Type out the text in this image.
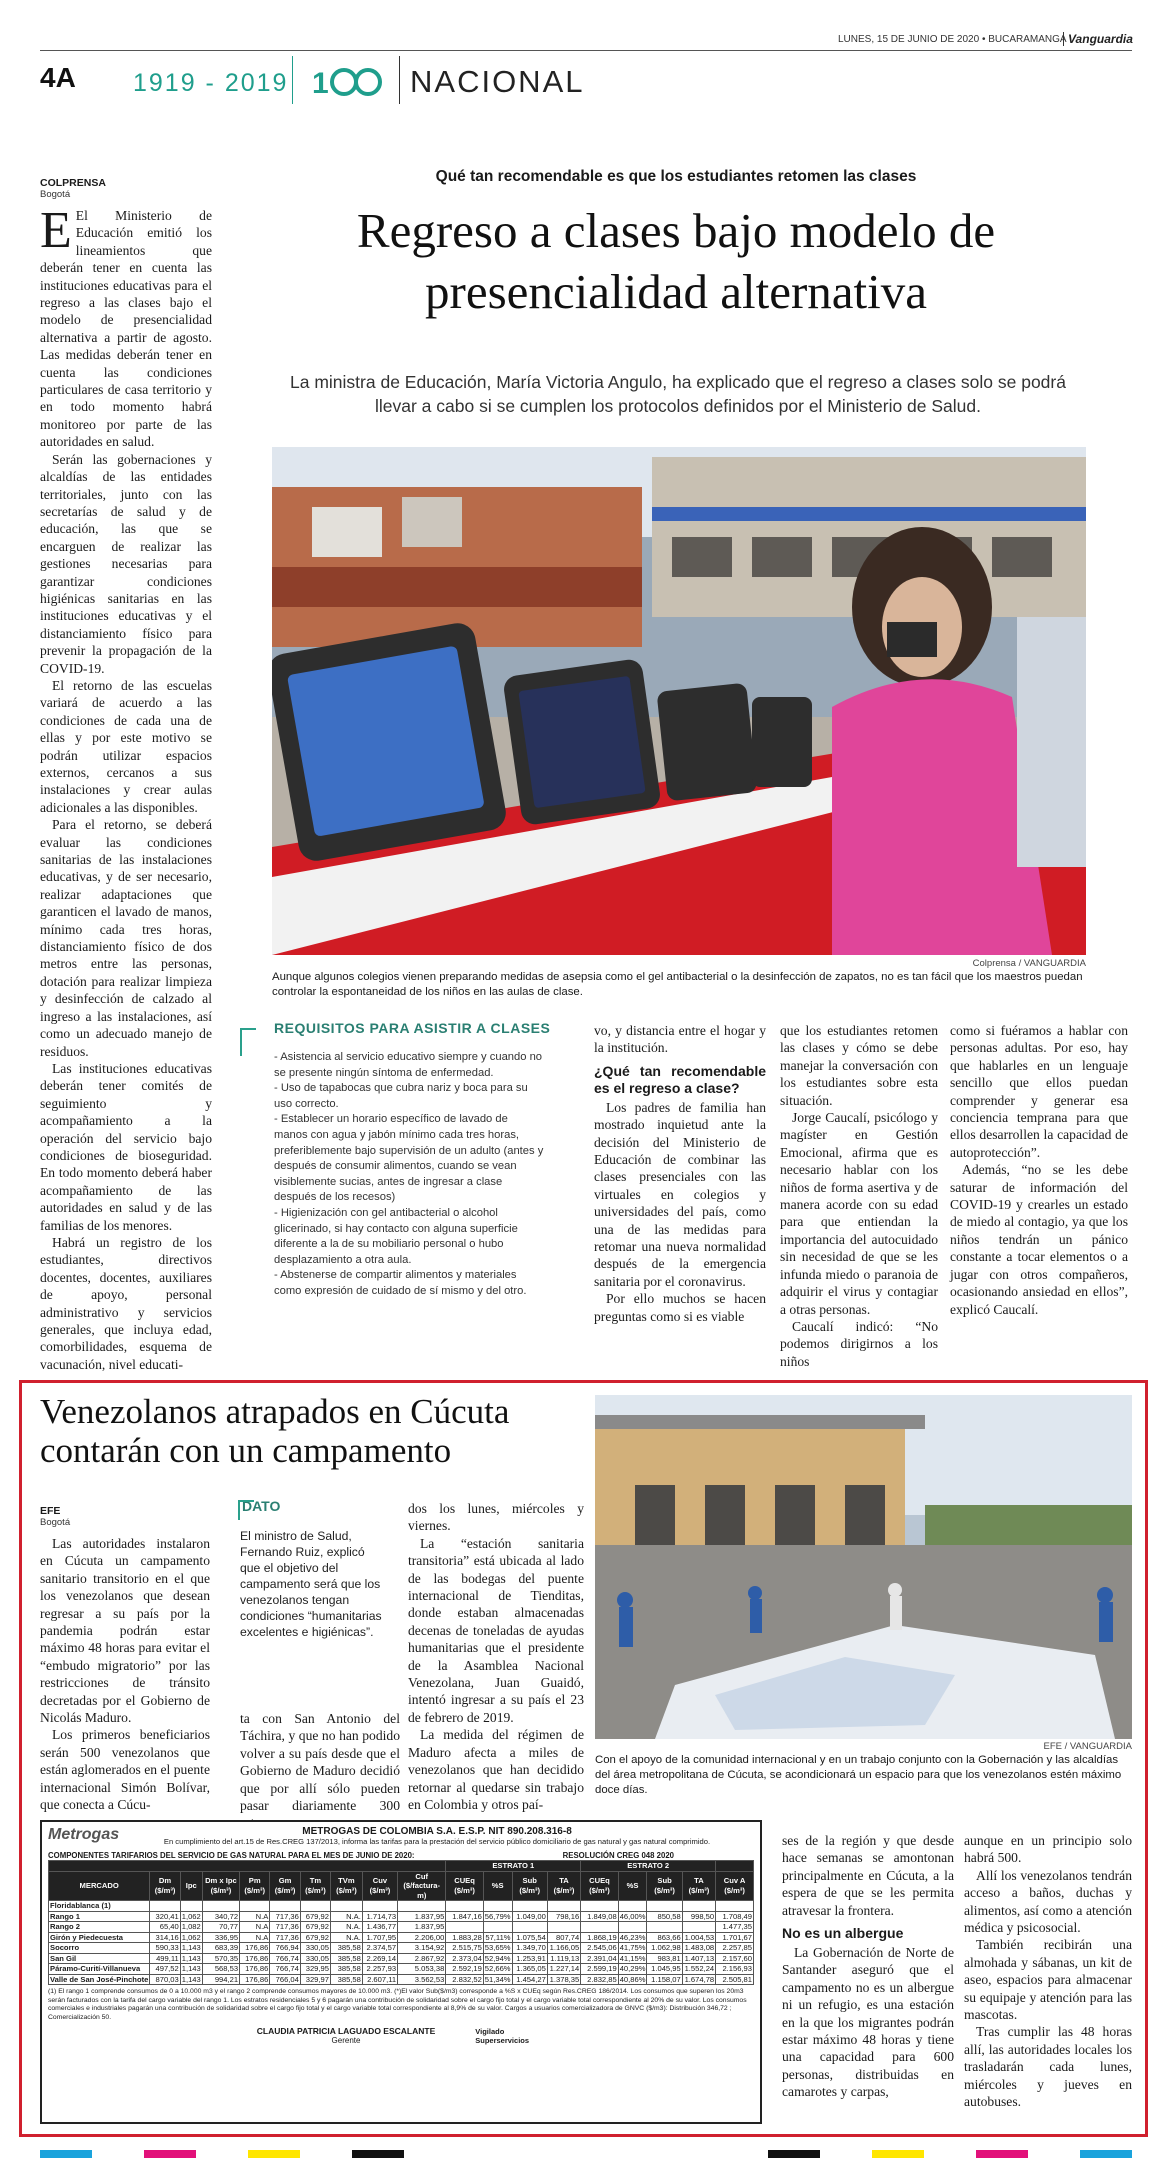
LUNES, 15 DE JUNIO DE 2020 • BUCARAMANGA Vanguardia
4A 1919 - 2019 1	NACIONAL
COLPRENSA
Bogotá

E El Ministerio de Educación emitió los lineamientos que deberán tener en cuenta las instituciones educativas para el regreso a las clases bajo el modelo de presencialidad alternativa a partir de agosto. Las medidas deberán tener en cuenta las condiciones particulares de casa territorio y en todo momento habrá monitoreo por parte de las autoridades en salud.

Serán las gobernaciones y alcaldías de las entidades territoriales, junto con las secretarías de salud y de educación, las que se encarguen de realizar las gestiones necesarias para garantizar condiciones higiénicas sanitarias en las instituciones educativas y el distanciamiento físico para prevenir la propagación de la COVID-19.

El retorno de las escuelas variará de acuerdo a las condiciones de cada una de ellas y por este motivo se podrán utilizar espacios externos, cercanos a sus instalaciones y crear aulas adicionales a las disponibles.

Para el retorno, se deberá evaluar las condiciones sanitarias de las instalaciones educativas, y de ser necesario, realizar adaptaciones que garanticen el lavado de manos, mínimo cada tres horas, distanciamiento físico de dos metros entre las personas, dotación para realizar limpieza y desinfección de calzado al ingreso a las instalaciones, así como un adecuado manejo de residuos.

Las instituciones educativas deberán tener comités de seguimiento y acompañamiento a la operación del servicio bajo condiciones de bioseguridad. En todo momento deberá haber acompañamiento de las autoridades en salud y de las familias de los menores.

Habrá un registro de los estudiantes, directivos docentes, docentes, auxiliares de apoyo, personal administrativo y servicios generales, que incluya edad, comorbilidades, esquema de vacunación, nivel educati-

Qué tan recomendable es que los estudiantes retomen las clases
Regreso a clases bajo modelo de presencialidad alternativa
La ministra de Educación, María Victoria Angulo, ha explicado que el regreso a clases solo se podrá llevar a cabo si se cumplen los protocolos definidos por el Ministerio de Salud.
Colprensa / VANGUARDIA
Aunque algunos colegios vienen preparando medidas de asepsia como el gel antibacterial o la desinfección de zapatos, no es tan fácil que los maestros puedan controlar la espontaneidad de los niños en las aulas de clase.
REQUISITOS PARA ASISTIR A CLASES
- Asistencia al servicio educativo siempre y cuando no se presente ningún síntoma de enfermedad.
- Uso de tapabocas que cubra nariz y boca para su uso correcto.
- Establecer un horario específico de lavado de manos con agua y jabón mínimo cada tres horas, preferiblemente bajo supervisión de un adulto (antes y después de consumir alimentos, cuando se vean visiblemente sucias, antes de ingresar a clase después de los recesos)
- Higienización con gel antibacterial o alcohol glicerinado, si hay contacto con alguna superficie diferente a la de su mobiliario personal o hubo desplazamiento a otra aula.
- Abstenerse de compartir alimentos y materiales como expresión de cuidado de sí mismo y del otro.

vo, y distancia entre el hogar y la institución.

¿Qué tan recomendable es el regreso a clase?

Los padres de familia han mostrado inquietud ante la decisión del Ministerio de Educación de combinar las clases presenciales con las virtuales en colegios y universidades del país, como una de las medidas para retomar una nueva normalidad después de la emergencia sanitaria por el coronavirus.

Por ello muchos se hacen preguntas como si es viable

que los estudiantes retomen las clases y cómo se debe manejar la conversación con los estudiantes sobre esta situación.

Jorge Caucalí, psicólogo y magíster en Gestión Emocional, afirma que es necesario hablar con los niños de forma asertiva y de manera acorde con su edad para que entiendan la importancia del autocuidado sin necesidad de que se les infunda miedo o paranoia de adquirir el virus y contagiar a otras personas.

Caucalí indicó: “No podemos dirigirnos a los niños

como si fuéramos a hablar con personas adultas. Por eso, hay que hablarles en un lenguaje sencillo que ellos puedan comprender y generar esa conciencia temprana para que ellos desarrollen la capacidad de autoprotección”.

Además, “no se les debe saturar de información del COVID-19 y crearles un estado de miedo al contagio, ya que los niños tendrán un pánico constante a tocar elementos o a jugar con otros compañeros, ocasionando ansiedad en ellos”, explicó Caucalí.

Venezolanos atrapados en Cúcuta contarán con un campamento
EFE / VANGUARDIA
Con el apoyo de la comunidad internacional y en un trabajo conjunto con la Gobernación y las alcaldías del área metropolitana de Cúcuta, se acondicionará un espacio para que los venezolanos estén máximo doce días.
EFE
Bogotá

Las autoridades instalaron en Cúcuta un campamento sanitario transitorio en el que los venezolanos que desean regresar a su país por la pandemia podrán estar máximo 48 horas para evitar el “embudo migratorio” por las restricciones de tránsito decretadas por el Gobierno de Nicolás Maduro.

Los primeros beneficiarios serán 500 venezolanos que están aglomerados en el puente internacional Simón Bolívar, que conecta a Cúcu-

DATO
El ministro de Salud, Fernando Ruiz, explicó que el objetivo del campamento será que los venezolanos tengan condiciones “humanitarias excelentes e higiénicas”.

ta con San Antonio del Táchira, y que no han podido volver a su país desde que el Gobierno de Maduro decidió que por allí sólo pueden pasar diariamente 300

dos los lunes, miércoles y viernes.

La “estación sanitaria transitoria” está ubicada al lado de las bodegas del puente internacional de Tienditas, donde estaban almacenadas decenas de toneladas de ayudas humanitarias que el presidente de la Asamblea Nacional Venezolana, Juan Guaidó, intentó ingresar a su país el 23 de febrero de 2019.

La medida del régimen de Maduro afecta a miles de venezolanos que han decidido retornar al quedarse sin trabajo en Colombia y otros paí-

Metrogas	METROGAS DE COLOMBIA S.A. E.S.P. NIT 890.208.316-8
En cumplimiento del art.15 de Res.CREG 137/2013, informa las tarifas para la prestación del servicio público domiciliario de gas natural y gas natural comprimido.
COMPONENTES TARIFARIOS DEL SERVICIO DE GAS NATURAL PARA EL MES DE JUNIO DE 2020:	RESOLUCIÓN CREG 048 2020
										ESTRATO 1				ESTRATO 2				
MERCADO	Dm ($/m³)	Ipc	Dm x Ipc ($/m³)	Pm ($/m³)	Gm ($/m³)	Tm ($/m³)	TVm ($/m³)	Cuv ($/m³)	Cuf ($/factura-m)	CUEq ($/m³)	%S	Sub ($/m³)	TA ($/m³)	CUEq ($/m³)	%S	Sub ($/m³)	TA ($/m³)	Cuv A ($/m³)
Floridablanca (1)																		
Rango 1	320,41	1,062	340,72	N.A	717,36	679,92	N.A.	1.714,73	1.837,95	1.847,16	56,79%	1.049,00	798,16	1.849,08	46,00%	850,58	998,50	1.708,49
Rango 2	65,40	1,082	70,77	N.A	717,36	679,92	N.A.	1.436,77	1.837,95									1.477,35
Girón y Piedecuesta	314,16	1,062	336,95	N.A	717,36	679,92	N.A.	1.707,95	2.206,00	1.883,28	57,11%	1.075,54	807,74	1.868,19	46,23%	863,66	1.004,53	1.701,67
Socorro	590,33	1,143	683,39	176,86	766,94	330,05	385,58	2.374,57	3.154,92	2.515,75	53,65%	1.349,70	1.166,05	2.545,06	41,75%	1.062,98	1.483,08	2.257,85
San Gil	499,11	1,143	570,35	176,86	766,74	330,05	385,58	2.269,14	2.867,92	2.373,04	52,94%	1.253,91	1.119,13	2.391,04	41,15%	983,81	1.407,13	2.157,60
Páramo-Curití-Villanueva	497,52	1,143	568,53	176,86	766,74	329,95	385,58	2.257,93	5.053,38	2.592,19	52,66%	1.365,05	1.227,14	2.599,19	40,29%	1.045,95	1.552,24	2.156,93
Valle de San José-Pinchote	870,03	1,143	994,21	176,86	766,04	329,97	385,58	2.607,11	3.562,53	2.832,52	51,34%	1.454,27	1.378,35	2.832,85	40,86%	1.158,07	1.674,78	2.505,81
(1) El rango 1 comprende consumos de 0 a 10.000 m3 y el rango 2 comprende consumos mayores de 10.000 m3. (*)El valor Sub($/m3) corresponde a %S x CUEq según Res.CREG 186/2014. Los consumos que superen los 20m3 serán facturados con la tarifa del cargo variable del rango 1. Los estratos residenciales 5 y 6 pagarán una contribución de solidaridad sobre el cargo fijo total y el cargo variable total correspondiente al 20% de su valor. Los consumos comerciales e industriales pagarán una contribución de solidaridad sobre el cargo fijo total y el cargo variable total correspondiente al 8,9% de su valor. Cargos a usuarios comercializadora de GNVC ($/m3): Distribución 346,72 ; Comercialización 50.
CLAUDIA PATRICIA LAGUADO ESCALANTE
Gerente
Vigilado Superservicios

ses de la región y que desde hace semanas se amontonan principalmente en Cúcuta, a la espera de que se les permita atravesar la frontera.

No es un albergue

La Gobernación de Norte de Santander aseguró que el campamento no es un albergue ni un refugio, es una estación en la que los migrantes podrán estar máximo 48 horas y tiene una capacidad para 600 personas, distribuidas en camarotes y carpas,

aunque en un principio solo habrá 500.

Allí los venezolanos tendrán acceso a baños, duchas y alimentos, así como a atención médica y psicosocial.

También recibirán una almohada y sábanas, un kit de aseo, espacios para almacenar su equipaje y atención para las mascotas.

Tras cumplir las 48 horas allí, las autoridades locales los trasladarán cada lunes, miércoles y jueves en autobuses.
